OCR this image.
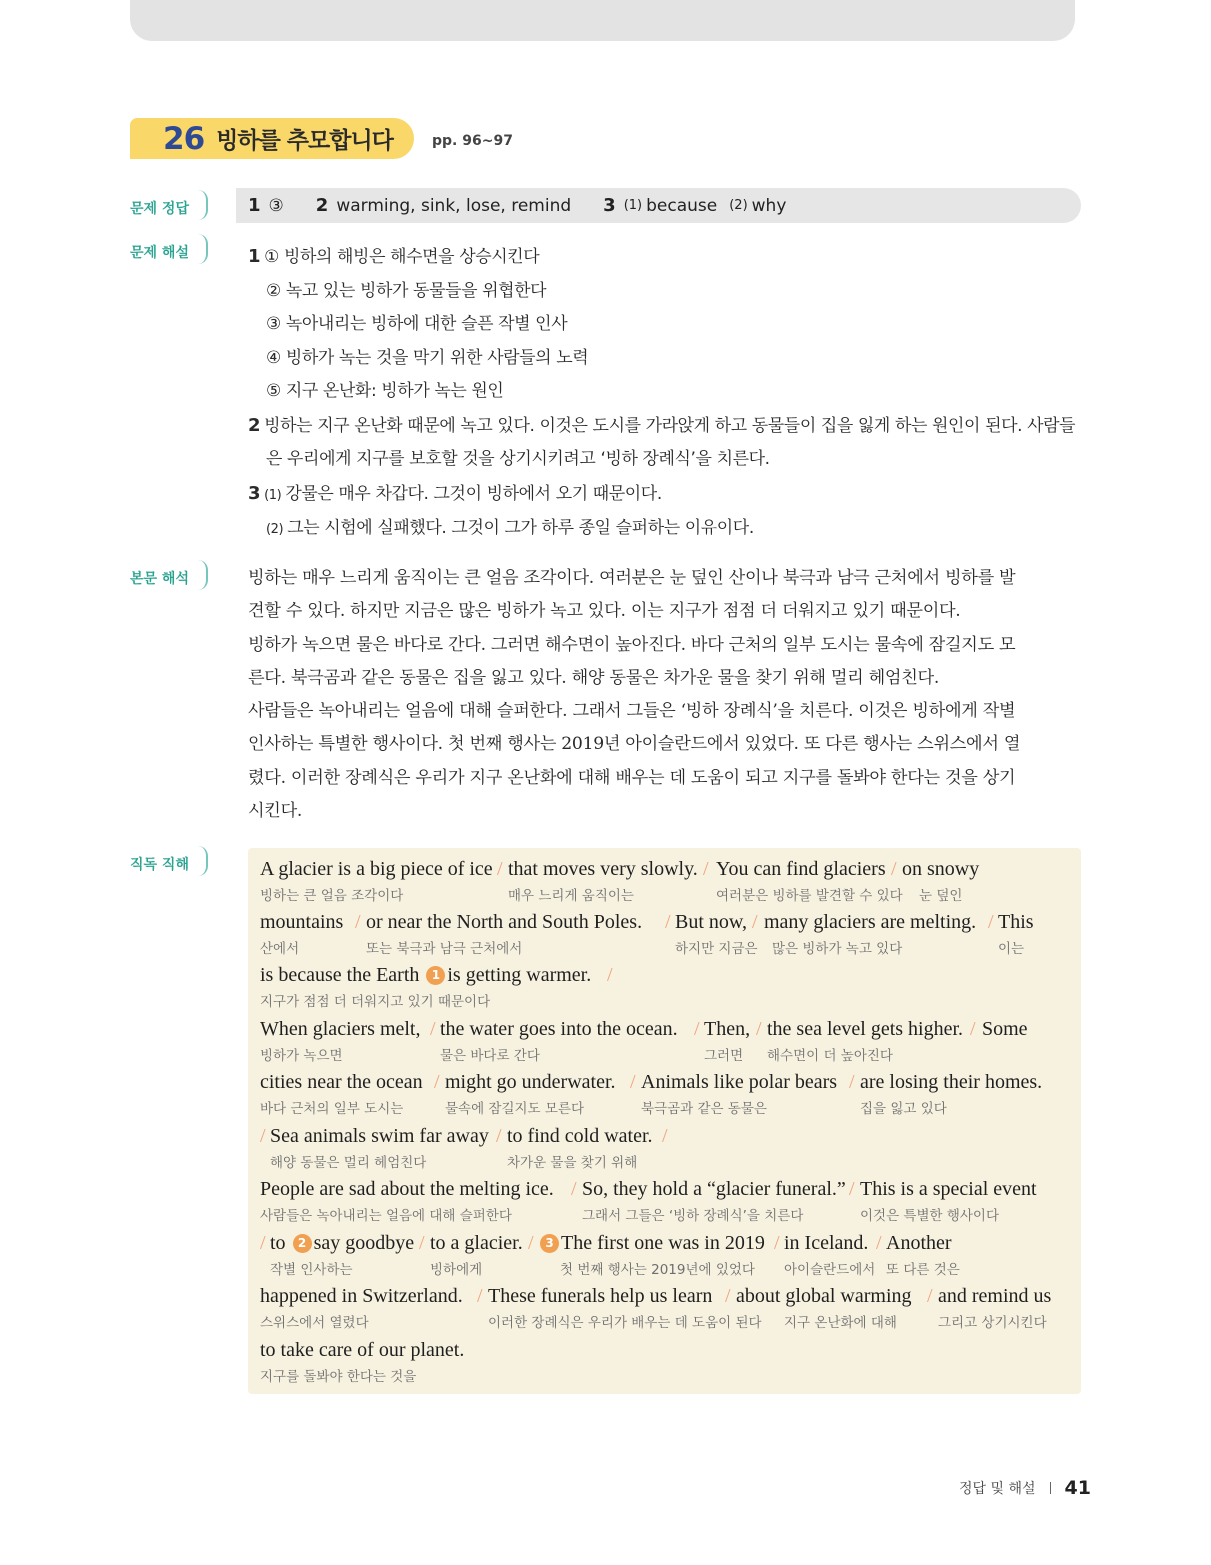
26 빙하를 추모합니다	pp. 96~97
문제 정답	1 ③ 2 warming, sink, lose, remind 3 (1) because (2) why
문제 해설	1 ① 빙하의 해빙은 해수면을 상승시킨다
② 녹고 있는 빙하가 동물들을 위협한다
③ 녹아내리는 빙하에 대한 슬픈 작별 인사
④ 빙하가 녹는 것을 막기 위한 사람들의 노력
⑤ 지구 온난화: 빙하가 녹는 원인
2 빙하는 지구 온난화 때문에 녹고 있다. 이것은 도시를 가라앉게 하고 동물들이 집을 잃게 하는 원인이 된다. 사람들
은 우리에게 지구를 보호할 것을 상기시키려고 ‘빙하 장례식’을 치른다.
3 (1) 강물은 매우 차갑다. 그것이 빙하에서 오기 때문이다.
(2) 그는 시험에 실패했다. 그것이 그가 하루 종일 슬퍼하는 이유이다.
본문 해석	빙하는 매우 느리게 움직이는 큰 얼음 조각이다. 여러분은 눈 덮인 산이나 북극과 남극 근처에서 빙하를 발
견할 수 있다. 하지만 지금은 많은 빙하가 녹고 있다. 이는 지구가 점점 더 더워지고 있기 때문이다.
빙하가 녹으면 물은 바다로 간다. 그러면 해수면이 높아진다. 바다 근처의 일부 도시는 물속에 잠길지도 모
른다. 북극곰과 같은 동물은 집을 잃고 있다. 해양 동물은 차가운 물을 찾기 위해 멀리 헤엄친다.
사람들은 녹아내리는 얼음에 대해 슬퍼한다. 그래서 그들은 ‘빙하 장례식’을 치른다. 이것은 빙하에게 작별
인사하는 특별한 행사이다. 첫 번째 행사는 2019년 아이슬란드에서 있었다. 또 다른 행사는 스위스에서 열
렸다. 이러한 장례식은 우리가 지구 온난화에 대해 배우는 데 도움이 되고 지구를 돌봐야 한다는 것을 상기
시킨다.
직독 직해	A glacier is a big piece of ice / that moves very slowly. / You can find glaciers / on snowy
빙하는 큰 얼음 조각이다	매우 느리게 움직이는	여러분은 빙하를 발견할 수 있다 눈 덮인
mountains / or near the North and South Poles. / But now, / many glaciers are melting. / This
산에서	또는 북극과 남극 근처에서	하지만 지금은 많은 빙하가 녹고 있다	이는
is because the Earth 1 is getting warmer. /
지구가 점점 더 더워지고 있기 때문이다
When glaciers melt, / the water goes into the ocean. / Then, / the sea level gets higher. / Some
빙하가 녹으면	물은 바다로 간다	그러면 해수면이 더 높아진다
cities near the ocean / might go underwater. / Animals like polar bears / are losing their homes.
바다 근처의 일부 도시는	물속에 잠길지도 모른다	북극곰과 같은 동물은	집을 잃고 있다
/ Sea animals swim far away / to find cold water. /
해양 동물은 멀리 헤엄친다	차가운 물을 찾기 위해
People are sad about the melting ice. / So, they hold a “glacier funeral.” / This is a special event
사람들은 녹아내리는 얼음에 대해 슬퍼한다	그래서 그들은 ‘빙하 장례식’을 치른다	이것은 특별한 행사이다
/ to 2 say goodbye / to a glacier. / 3 The first one was in 2019 / in Iceland. / Another
작별 인사하는	빙하에게	첫 번째 행사는 2019년에 있었다 아이슬란드에서 또 다른 것은
happened in Switzerland. / These funerals help us learn / about global warming / and remind us
스위스에서 열렸다	이러한 장례식은 우리가 배우는 데 도움이 된다 지구 온난화에 대해	그리고 상기시킨다
to take care of our planet.
지구를 돌봐야 한다는 것을
정답 및 해설 41
